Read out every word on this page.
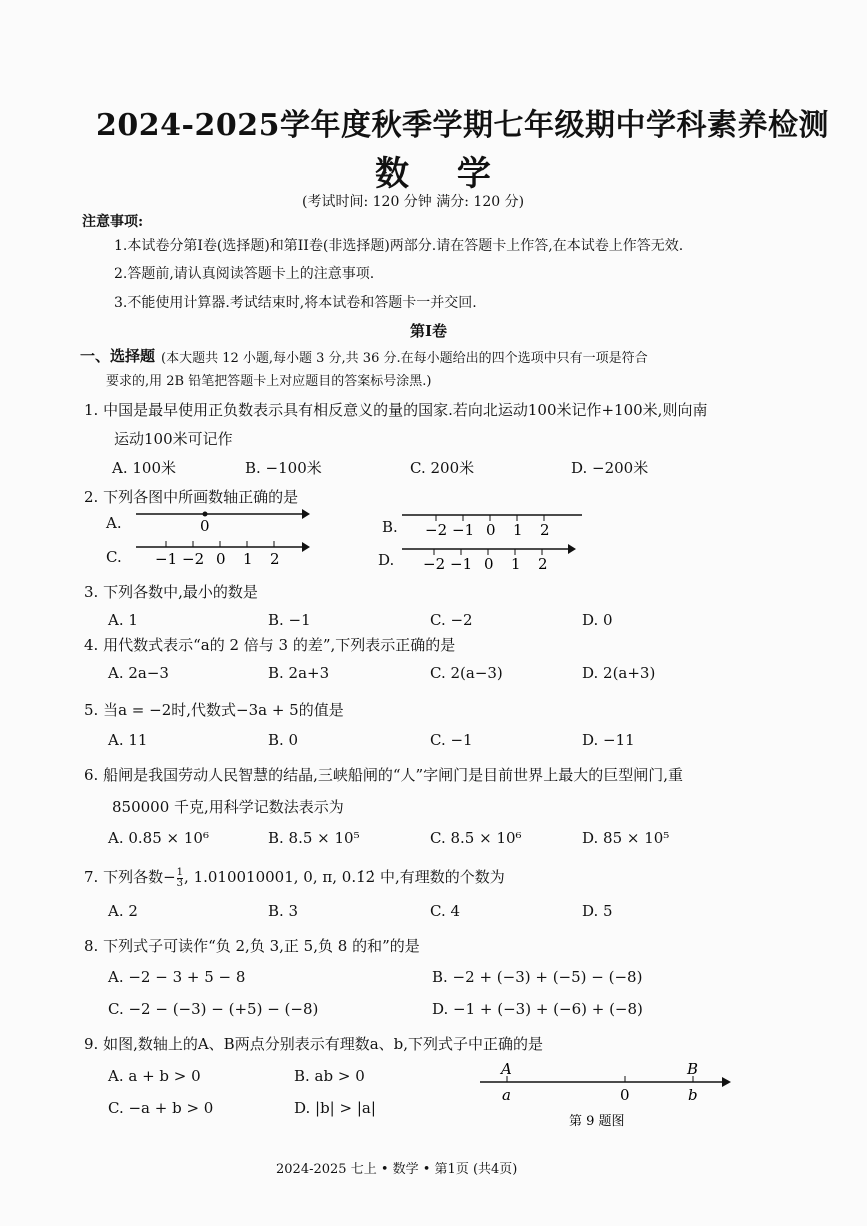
2024-2025学年度秋季学期七年级期中学科素养检测
数 学
(考试时间: 120 分钟 满分: 120 分)
注意事项:
1.本试卷分第I卷(选择题)和第II卷(非选择题)两部分.请在答题卡上作答,在本试卷上作答无效.
2.答题前,请认真阅读答题卡上的注意事项.
3.不能使用计算器.考试结束时,将本试卷和答题卡一并交回.
第I卷
一、选择题 (本大题共 12 小题,每小题 3 分,共 36 分.在每小题给出的四个选项中只有一项是符合
要求的,用 2B 铅笔把答题卡上对应题目的答案标号涂黑.)
1. 中国是最早使用正负数表示具有相反意义的量的国家.若向北运动100米记作+100米,则向南
运动100米可记作
A. 100米	B. −100米	C. 200米	D. −200米
2. 下列各图中所画数轴正确的是
A.	B.
C.	D.
0	−2 −1 0 1 2
−1 −2 0 1 2	−2 −1 0 1 2
A	B
a	0	b
第 9 题图
3. 下列各数中,最小的数是
A. 1	B. −1	C. −2	D. 0
4. 用代数式表示“a的 2 倍与 3 的差”,下列表示正确的是
A. 2a−3	B. 2a+3	C. 2(a−3)	D. 2(a+3)
5. 当a = −2时,代数式−3a + 5的值是
A. 11	B. 0	C. −1	D. −11
6. 船闸是我国劳动人民智慧的结晶,三峡船闸的“人”字闸门是目前世界上最大的巨型闸门,重
850000 千克,用科学记数法表示为
A. 0.85 × 10⁶	B. 8.5 × 10⁵	C. 8.5 × 10⁶	D. 85 × 10⁵
7. 下列各数− $\frac{1}{3}$ , 1.010010001, 0, π, 0.1̇2̇ 中,有理数的个数为
A. 2	B. 3	C. 4	D. 5
8. 下列式子可读作“负 2,负 3,正 5,负 8 的和”的是
A. −2 − 3 + 5 − 8	B. −2 + (−3) + (−5) − (−8)
C. −2 − (−3) − (+5) − (−8)	D. −1 + (−3) + (−6) + (−8)
9. 如图,数轴上的A、B两点分别表示有理数a、b,下列式子中正确的是
A. a + b > 0	B. ab > 0
C. −a + b > 0	D. |b| > |a|
2024-2025 七上 • 数学 • 第1页 (共4页)
